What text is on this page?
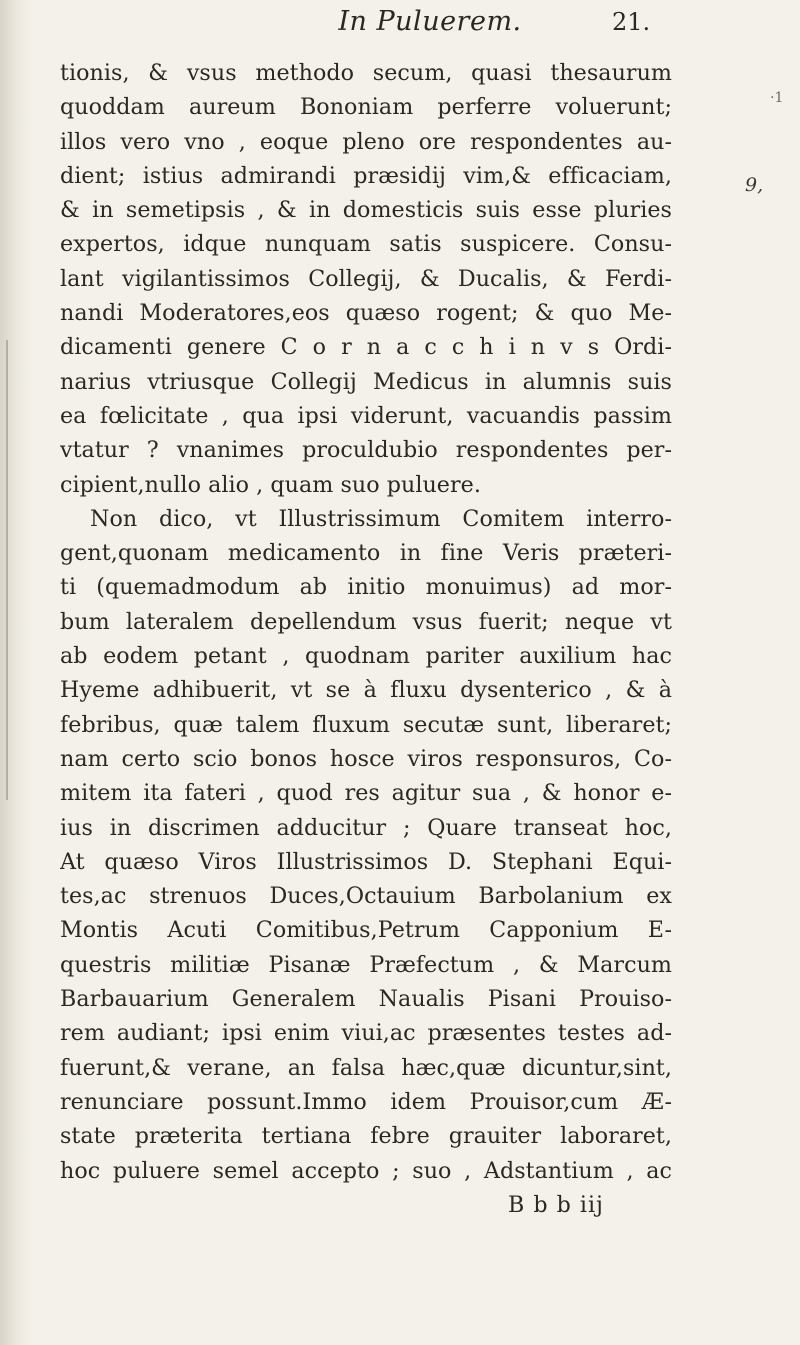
In Puluerem.	21.
·1
9,
tionis, & vsus methodo secum, quasi thesaurum
quoddam aureum Bononiam perferre voluerunt;
illos vero vno , eoque pleno ore respondentes au-
dient; istius admirandi præsidij vim,& efficaciam,
& in semetipsis , & in domesticis suis esse pluries
expertos, idque nunquam satis suspicere. Consu-
lant vigilantissimos Collegij, & Ducalis, & Ferdi-
nandi Moderatores,eos quæso rogent; & quo Me-
dicamenti genere C o r n a c c h i n v s Ordi-
narius vtriusque Collegij Medicus in alumnis suis
ea fœlicitate , qua ipsi viderunt, vacuandis passim
vtatur ? vnanimes proculdubio respondentes per-
cipient,nullo alio , quam suo puluere.
Non dico, vt Illustrissimum Comitem interro-
gent,quonam medicamento in fine Veris præteri-
ti (quemadmodum ab initio monuimus) ad mor-
bum lateralem depellendum vsus fuerit; neque vt
ab eodem petant , quodnam pariter auxilium hac
Hyeme adhibuerit, vt se à fluxu dysenterico , & à
febribus, quæ talem fluxum secutæ sunt, liberaret;
nam certo scio bonos hosce viros responsuros, Co-
mitem ita fateri , quod res agitur sua , & honor e-
ius in discrimen adducitur ; Quare transeat hoc,
At quæso Viros Illustrissimos D. Stephani Equi-
tes,ac strenuos Duces,Octauium Barbolanium ex
Montis Acuti Comitibus,Petrum Capponium E-
questris militiæ Pisanæ Præfectum , & Marcum
Barbauarium Generalem Naualis Pisani Prouiso-
rem audiant; ipsi enim viui,ac præsentes testes ad-
fuerunt,& verane, an falsa hæc,quæ dicuntur,sint,
renunciare possunt.Immo idem Prouisor,cum Æ-
state præterita tertiana febre grauiter laboraret,
hoc puluere semel accepto ; suo , Adstantium , ac
B b b iij
